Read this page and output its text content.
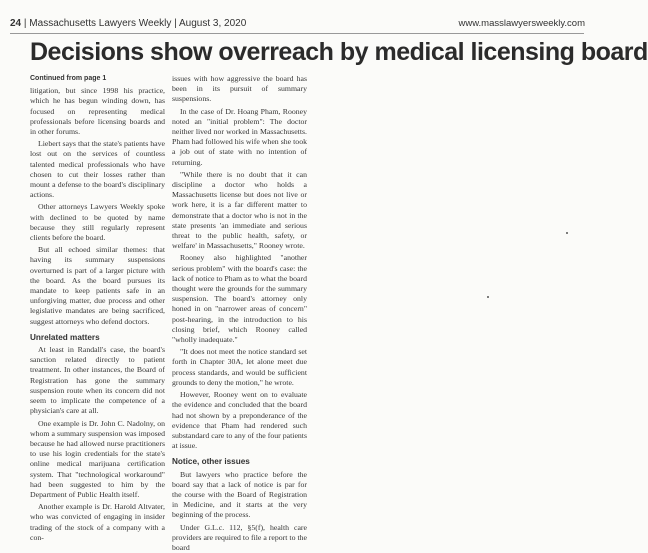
24 | Massachusetts Lawyers Weekly | August 3, 2020	www.masslawyersweekly.com
Decisions show overreach by medical licensing board
Continued from page 1

litigation, but since 1998 his practice, which he has begun winding down, has focused on representing medical professionals before licensing boards and in other forums.

Liebert says that the state's patients have lost out on the services of countless talented medical professionals who have chosen to cut their losses rather than mount a defense to the board's disciplinary actions.

Other attorneys Lawyers Weekly spoke with declined to be quoted by name because they still regularly represent clients before the board.

But all echoed similar themes: that having its summary suspensions overturned is part of a larger picture with the board. As the board pursues its mandate to keep patients safe in an unforgiving matter, due process and other legislative mandates are being sacrificed, suggest attorneys who defend doctors.

Unrelated matters

At least in Randall's case, the board's sanction related directly to patient treatment. In other instances, the Board of Registration has gone the summary suspension route when its concern did not seem to implicate the competence of a physician's care at all.

One example is Dr. John C. Nadolny, on whom a summary suspension was imposed because he had allowed nurse practitioners to use his login credentials for the state's online medical marijuana certification system. That "technological workaround" had been suggested to him by the Department of Public Health itself.

Another example is Dr. Harold Altvater, who was convicted of engaging in insider trading of the stock of a company with a con-

issues with how aggressive the board has been in its pursuit of summary suspensions.

In the case of Dr. Hoang Pham, Rooney noted an "initial problem": The doctor neither lived nor worked in Massachusetts. Pham had followed his wife when she took a job out of state with no intention of returning.

"While there is no doubt that it can discipline a doctor who holds a Massachusetts license but does not live or work here, it is a far different matter to demonstrate that a doctor who is not in the state presents 'an immediate and serious threat to the public health, safety, or welfare' in Massachusetts," Rooney wrote.

Rooney also highlighted "another serious problem" with the board's case: the lack of notice to Pham as to what the board thought were the grounds for the summary suspension. The board's attorney only honed in on "narrower areas of concern" post-hearing, in the introduction to his closing brief, which Rooney called "wholly inadequate."

"It does not meet the notice standard set forth in Chapter 30A, let alone meet due process standards, and would be sufficient grounds to deny the motion," he wrote.

However, Rooney went on to evaluate the evidence and concluded that the board had not shown by a preponderance of the evidence that Pham had rendered such substandard care to any of the four patients at issue.

Notice, other issues

But lawyers who practice before the board say that a lack of notice is par for the course with the Board of Registration in Medicine, and it starts at the very beginning of the process.

Under G.L.c. 112, §5(f), health care providers are required to file a report to the board
